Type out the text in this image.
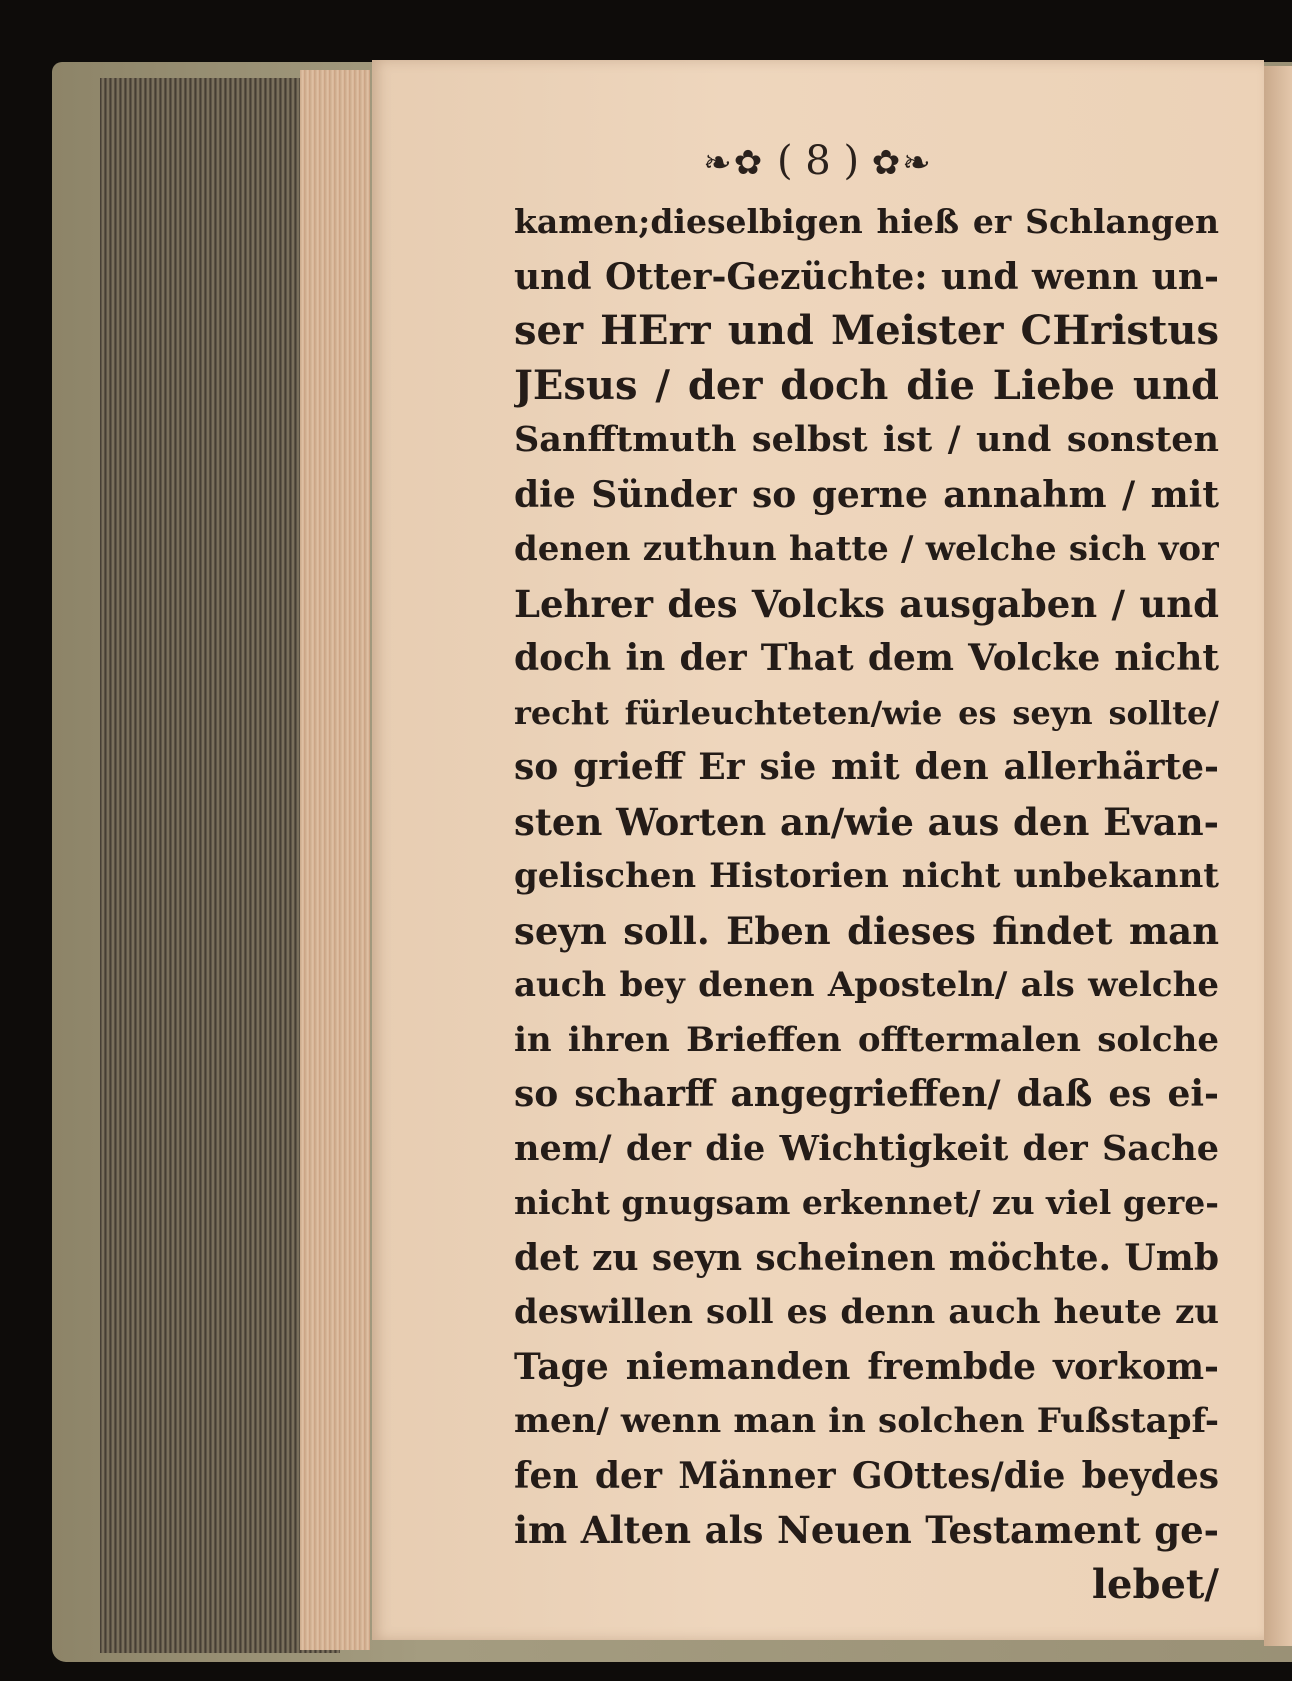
❧✿ ( 8 ) ✿❧
kamen;dieselbigen hieß er Schlangen
und Otter-Gezüchte: und wenn un-
ser HErr und Meister CHristus
JEsus / der doch die Liebe und
Sanfftmuth selbst ist / und sonsten
die Sünder so gerne annahm / mit
denen zuthun hatte / welche sich vor
Lehrer des Volcks ausgaben / und
doch in der That dem Volcke nicht
recht fürleuchteten/wie es seyn sollte/
so grieff Er sie mit den allerhärte-
sten Worten an/wie aus den Evan-
gelischen Historien nicht unbekannt
seyn soll. Eben dieses findet man
auch bey denen Aposteln/ als welche
in ihren Brieffen offtermalen solche
so scharff angegrieffen/ daß es ei-
nem/ der die Wichtigkeit der Sache
nicht gnugsam erkennet/ zu viel gere-
det zu seyn scheinen möchte. Umb
deswillen soll es denn auch heute zu
Tage niemanden frembde vorkom-
men/ wenn man in solchen Fußstapf-
fen der Männer GOttes/die beydes
im Alten als Neuen Testament ge-
lebet/
